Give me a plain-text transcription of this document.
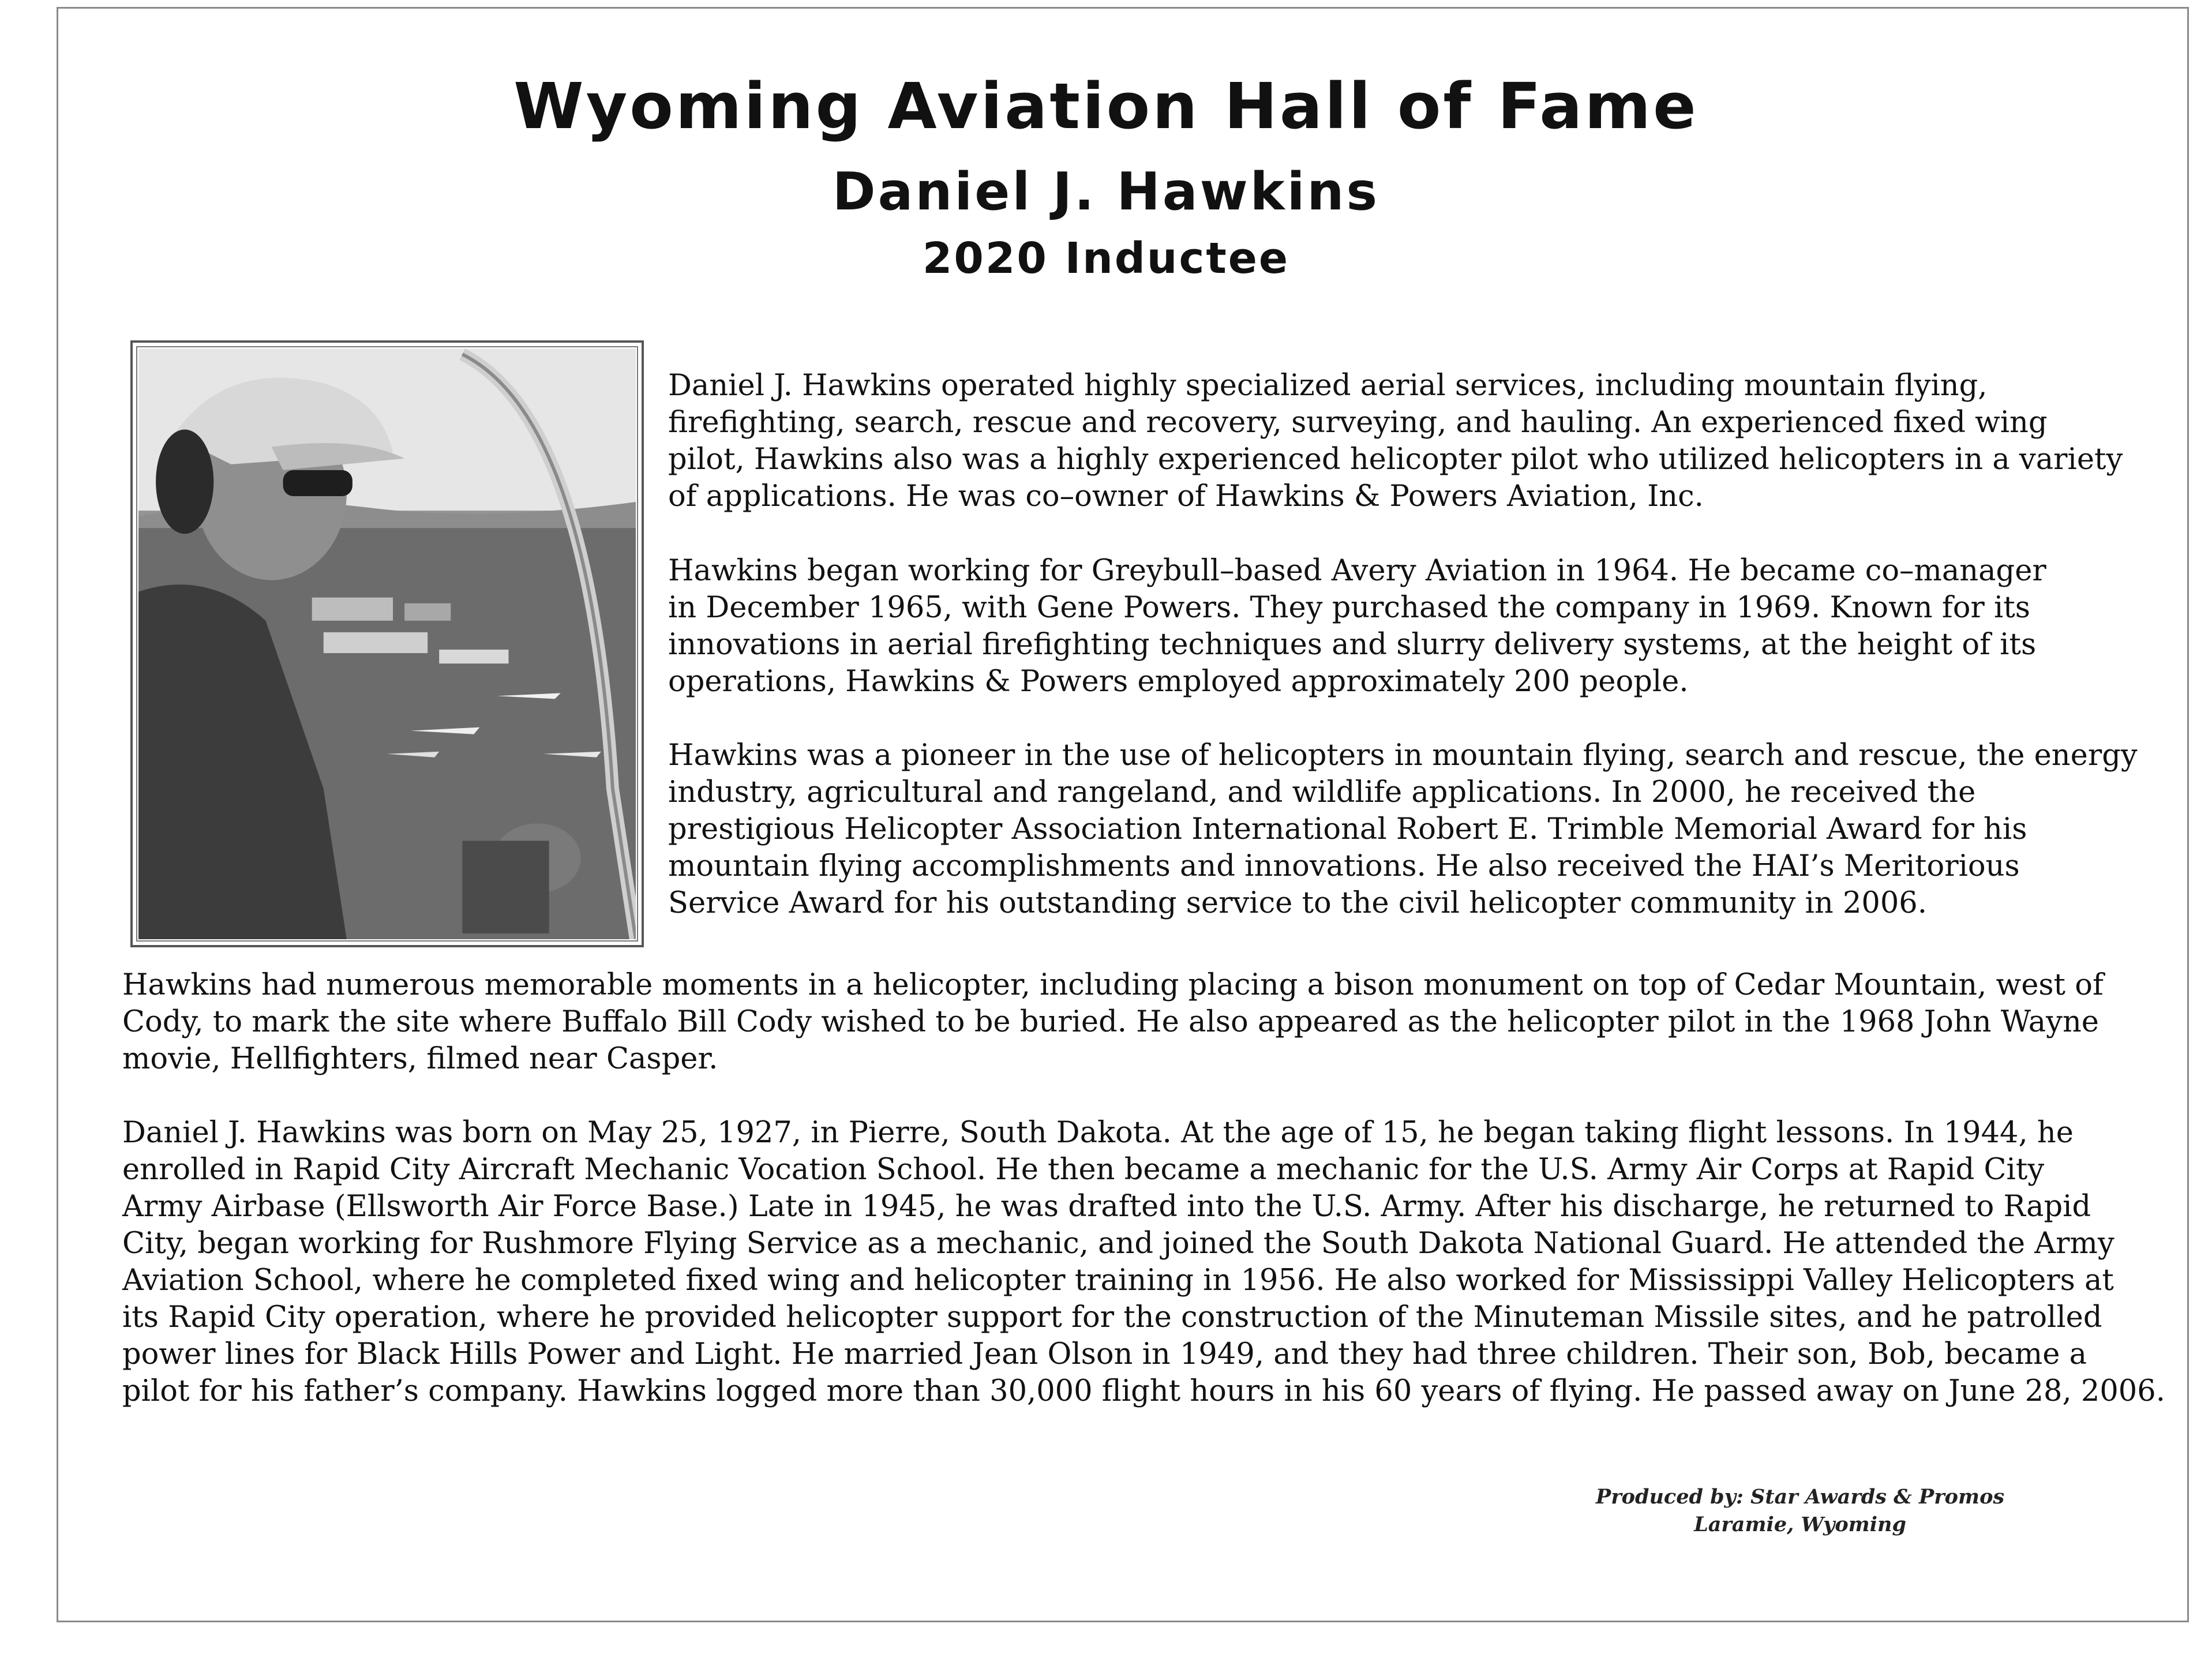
Wyoming Aviation Hall of Fame
Daniel J. Hawkins
2020 Inductee

Daniel J. Hawkins operated highly specialized aerial services, including mountain flying,
firefighting, search, rescue and recovery, surveying, and hauling. An experienced fixed wing
pilot, Hawkins also was a highly experienced helicopter pilot who utilized helicopters in a variety
of applications. He was co–owner of Hawkins & Powers Aviation, Inc.

Hawkins began working for Greybull–based Avery Aviation in 1964. He became co–manager
in December 1965, with Gene Powers. They purchased the company in 1969. Known for its
innovations in aerial firefighting techniques and slurry delivery systems, at the height of its
operations, Hawkins & Powers employed approximately 200 people.

Hawkins was a pioneer in the use of helicopters in mountain flying, search and rescue, the energy
industry, agricultural and rangeland, and wildlife applications. In 2000, he received the
prestigious Helicopter Association International Robert E. Trimble Memorial Award for his
mountain flying accomplishments and innovations. He also received the HAI’s Meritorious
Service Award for his outstanding service to the civil helicopter community in 2006.

Hawkins had numerous memorable moments in a helicopter, including placing a bison monument on top of Cedar Mountain, west of
Cody, to mark the site where Buffalo Bill Cody wished to be buried. He also appeared as the helicopter pilot in the 1968 John Wayne
movie, Hellfighters, filmed near Casper.

Daniel J. Hawkins was born on May 25, 1927, in Pierre, South Dakota. At the age of 15, he began taking flight lessons. In 1944, he
enrolled in Rapid City Aircraft Mechanic Vocation School. He then became a mechanic for the U.S. Army Air Corps at Rapid City
Army Airbase (Ellsworth Air Force Base.) Late in 1945, he was drafted into the U.S. Army. After his discharge, he returned to Rapid
City, began working for Rushmore Flying Service as a mechanic, and joined the South Dakota National Guard. He attended the Army
Aviation School, where he completed fixed wing and helicopter training in 1956. He also worked for Mississippi Valley Helicopters at
its Rapid City operation, where he provided helicopter support for the construction of the Minuteman Missile sites, and he patrolled
power lines for Black Hills Power and Light. He married Jean Olson in 1949, and they had three children. Their son, Bob, became a
pilot for his father’s company. Hawkins logged more than 30,000 flight hours in his 60 years of flying. He passed away on June 28, 2006.

Produced by: Star Awards & Promos
Laramie, Wyoming
